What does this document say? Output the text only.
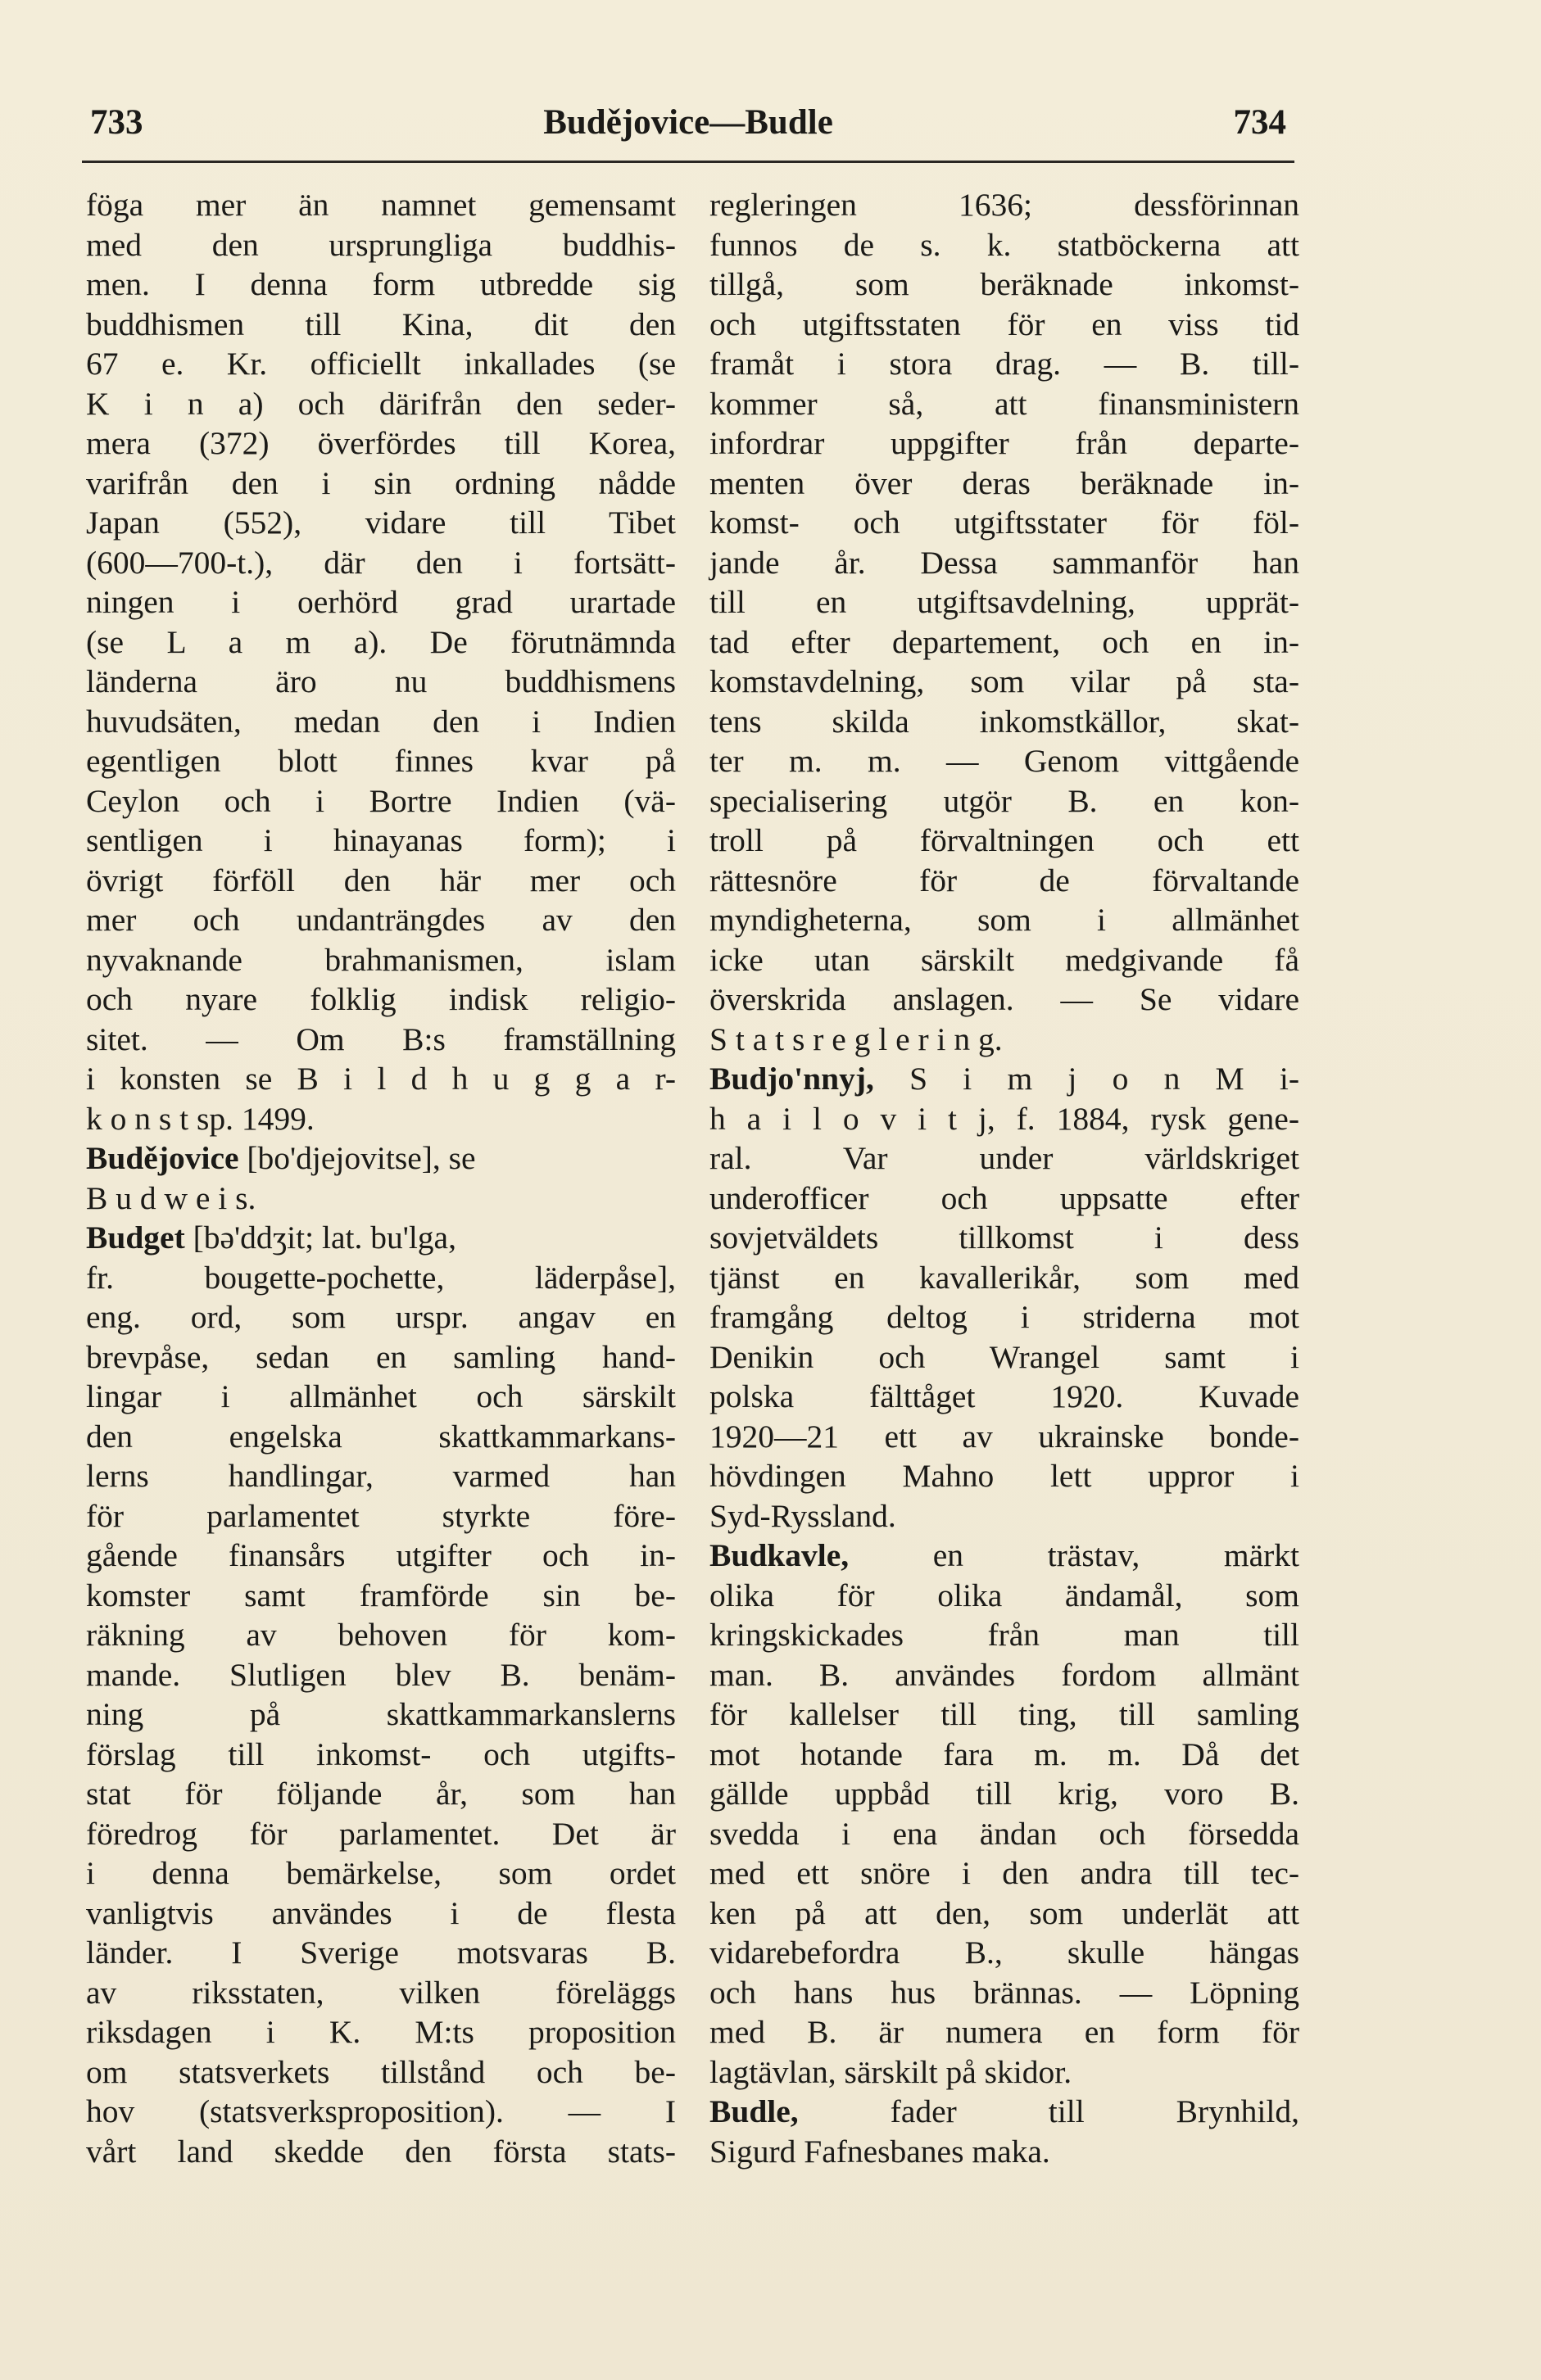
733	Budějovice—Budle	734
föga mer än namnet gemensamt
med den ursprungliga buddhis-
men. I denna form utbredde sig
buddhismen till Kina, dit den
67 e. Kr. officiellt inkallades (se
K i n a) och därifrån den seder-
mera (372) överfördes till Korea,
varifrån den i sin ordning nådde
Japan (552), vidare till Tibet
(600—700-t.), där den i fortsätt-
ningen i oerhörd grad urartade
(se L a m a). De förutnämnda
länderna äro nu buddhismens
huvudsäten, medan den i Indien
egentligen blott finnes kvar på
Ceylon och i Bortre Indien (vä-
sentligen i hinayanas form); i
övrigt förföll den här mer och
mer och undanträngdes av den
nyvaknande brahmanismen, islam
och nyare folklig indisk religio-
sitet. — Om B:s framställning
i konsten se B i l d h u g g a r-
k o n s t sp. 1499.
Budějovice [bo'djejovitse], se
B u d w e i s.
Budget [bə'ddʒit; lat. bu'lga,
fr. bougette-pochette, läderpåse],
eng. ord, som urspr. angav en
brevpåse, sedan en samling hand-
lingar i allmänhet och särskilt
den engelska skattkammarkans-
lerns handlingar, varmed han
för parlamentet styrkte före-
gående finansårs utgifter och in-
komster samt framförde sin be-
räkning av behoven för kom-
mande. Slutligen blev B. benäm-
ning på skattkammarkanslerns
förslag till inkomst- och utgifts-
stat för följande år, som han
föredrog för parlamentet. Det är
i denna bemärkelse, som ordet
vanligtvis användes i de flesta
länder. I Sverige motsvaras B.
av riksstaten, vilken föreläggs
riksdagen i K. M:ts proposition
om statsverkets tillstånd och be-
hov (statsverksproposition). — I
vårt land skedde den första stats-
regleringen 1636; dessförinnan
funnos de s. k. statböckerna att
tillgå, som beräknade inkomst-
och utgiftsstaten för en viss tid
framåt i stora drag. — B. till-
kommer så, att finansministern
infordrar uppgifter från departe-
menten över deras beräknade in-
komst- och utgiftsstater för föl-
jande år. Dessa sammanför han
till en utgiftsavdelning, upprät-
tad efter departement, och en in-
komstavdelning, som vilar på sta-
tens skilda inkomstkällor, skat-
ter m. m. — Genom vittgående
specialisering utgör B. en kon-
troll på förvaltningen och ett
rättesnöre för de förvaltande
myndigheterna, som i allmänhet
icke utan särskilt medgivande få
överskrida anslagen. — Se vidare
S t a t s r e g l e r i n g.
Budjo'nnyj, S i m j o n M i-
h a i l o v i t j, f. 1884, rysk gene-
ral. Var under världskriget
underofficer och uppsatte efter
sovjetväldets tillkomst i dess
tjänst en kavallerikår, som med
framgång deltog i striderna mot
Denikin och Wrangel samt i
polska fälttåget 1920. Kuvade
1920—21 ett av ukrainske bonde-
hövdingen Mahno lett uppror i
Syd-Ryssland.
Budkavle,	en trästav, märkt
olika för olika ändamål, som
kringskickades från man till
man. B. användes fordom allmänt
för kallelser till ting, till samling
mot hotande fara m. m. Då det
gällde uppbåd till krig, voro B.
svedda i ena ändan och försedda
med ett snöre i den andra till tec-
ken på att den, som underlät att
vidarebefordra B., skulle hängas
och hans hus brännas. — Löpning
med B. är numera en form för
lagtävlan, särskilt på skidor.
Budle,	fader till Brynhild,
Sigurd Fafnesbanes maka.
